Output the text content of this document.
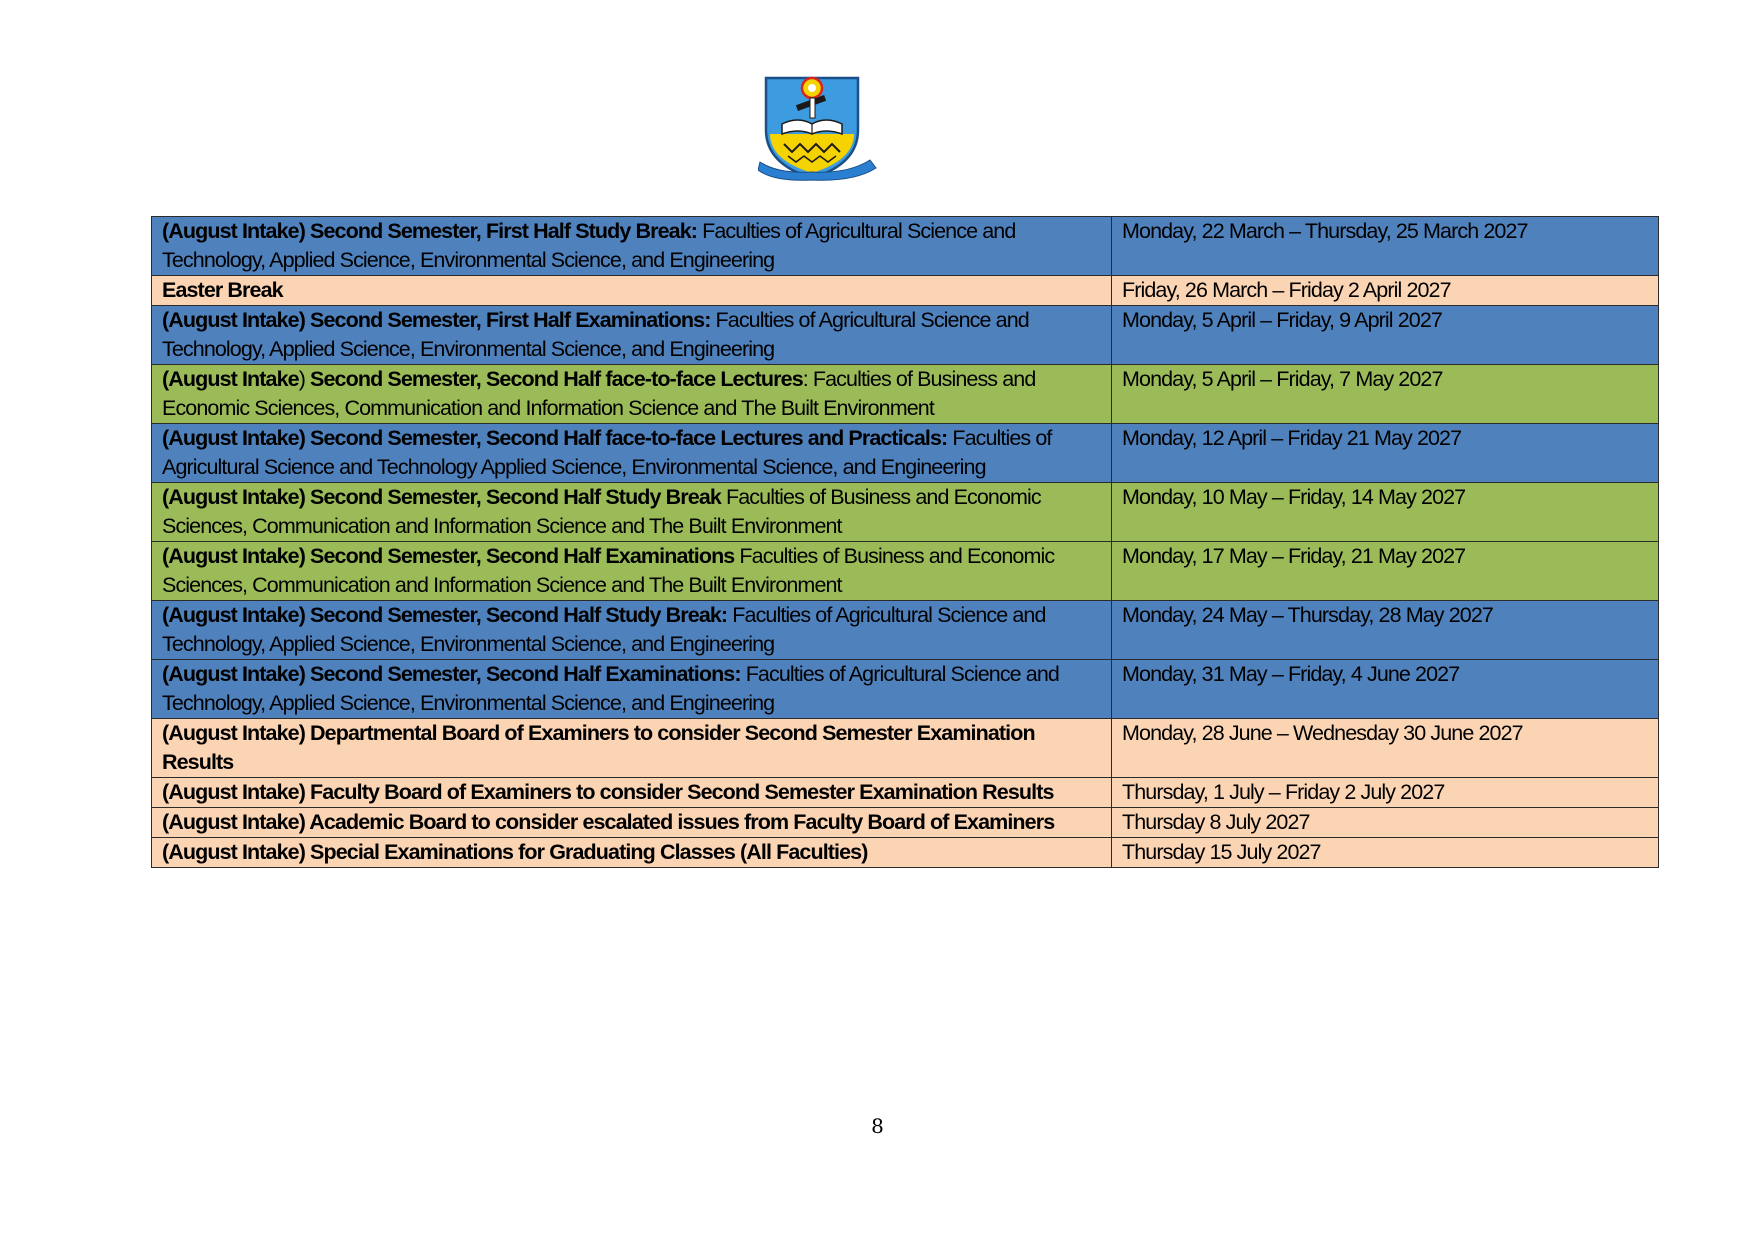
(August Intake) Second Semester, First Half Study Break: Faculties of Agricultural Science and Technology, Applied Science, Environmental Science, and Engineering	Monday, 22 March – Thursday, 25 March 2027
Easter Break	Friday, 26 March – Friday 2 April 2027
(August Intake) Second Semester, First Half Examinations: Faculties of Agricultural Science and Technology, Applied Science, Environmental Science, and Engineering	Monday, 5 April – Friday, 9 April 2027
(August Intake) Second Semester, Second Half face-to-face Lectures: Faculties of Business and Economic Sciences, Communication and Information Science and The Built Environment	Monday, 5 April – Friday, 7 May 2027
(August Intake) Second Semester, Second Half face-to-face Lectures and Practicals: Faculties of Agricultural Science and Technology Applied Science, Environmental Science, and Engineering	Monday, 12 April – Friday 21 May 2027
(August Intake) Second Semester, Second Half Study Break Faculties of Business and Economic Sciences, Communication and Information Science and The Built Environment	Monday, 10 May – Friday, 14 May 2027
(August Intake) Second Semester, Second Half Examinations Faculties of Business and Economic Sciences, Communication and Information Science and The Built Environment	Monday, 17 May – Friday, 21 May 2027
(August Intake) Second Semester, Second Half Study Break: Faculties of Agricultural Science and Technology, Applied Science, Environmental Science, and Engineering	Monday, 24 May – Thursday, 28 May 2027
(August Intake) Second Semester, Second Half Examinations: Faculties of Agricultural Science and Technology, Applied Science, Environmental Science, and Engineering	Monday, 31 May – Friday, 4 June 2027
(August Intake) Departmental Board of Examiners to consider Second Semester Examination Results	Monday, 28 June – Wednesday 30 June 2027
(August Intake) Faculty Board of Examiners to consider Second Semester Examination Results	Thursday, 1 July – Friday 2 July 2027
(August Intake) Academic Board to consider escalated issues from Faculty Board of Examiners	Thursday 8 July 2027
(August Intake) Special Examinations for Graduating Classes (All Faculties)	Thursday 15 July 2027
8
